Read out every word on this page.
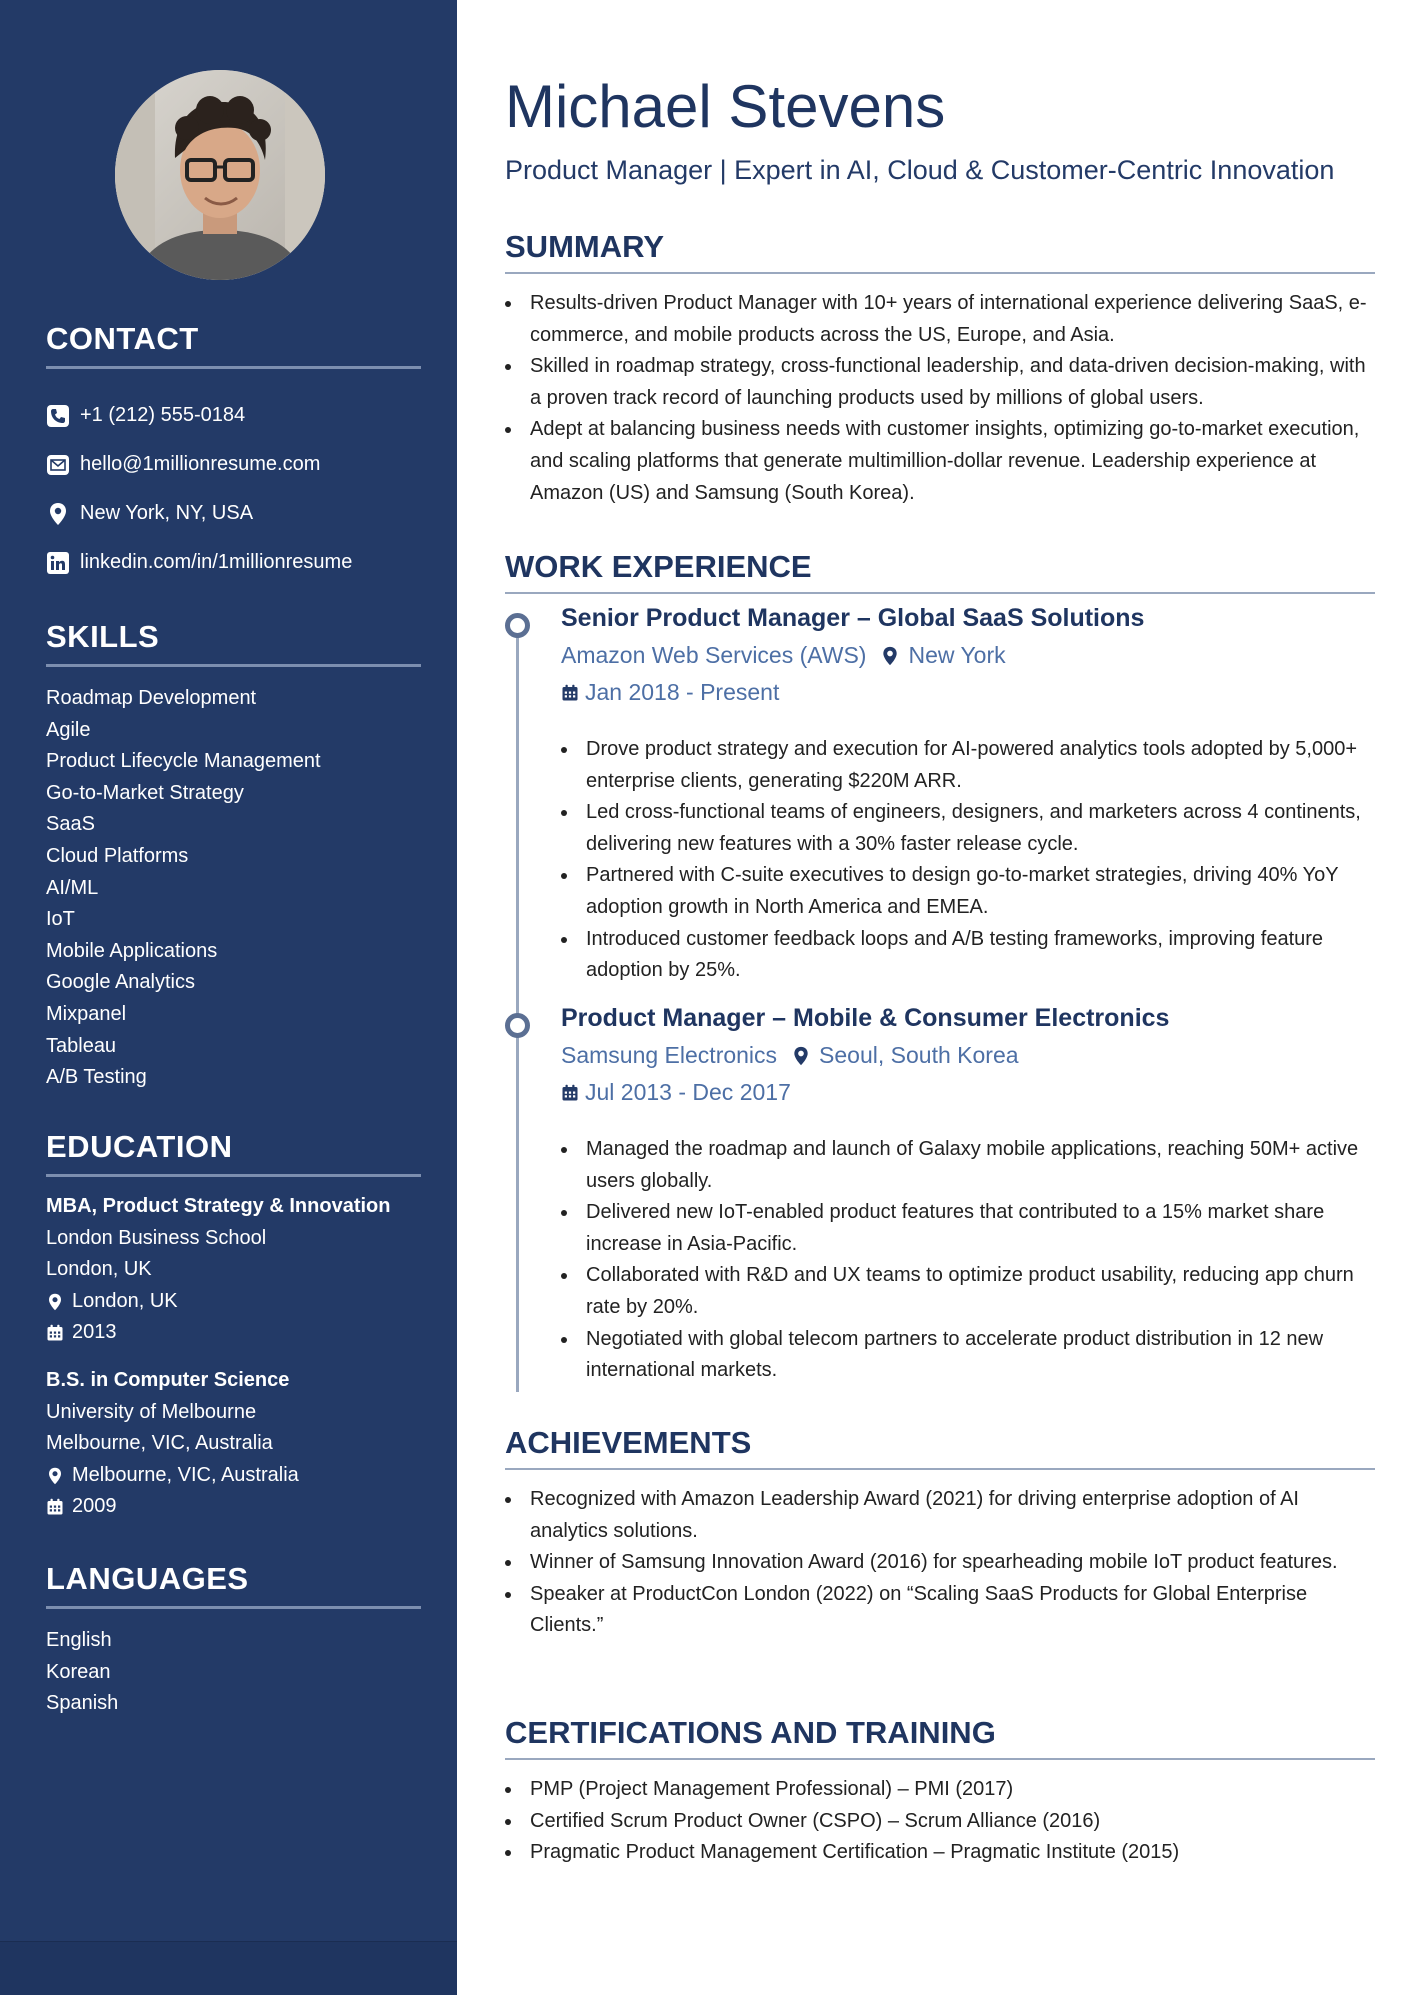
CONTACT
+1 (212) 555-0184
hello@1millionresume.com
New York, NY, USA
linkedin.com/in/1millionresume
SKILLS
Roadmap Development
Agile
Product Lifecycle Management
Go-to-Market Strategy
SaaS
Cloud Platforms
AI/ML
IoT
Mobile Applications
Google Analytics
Mixpanel
Tableau
A/B Testing
EDUCATION
MBA, Product Strategy & Innovation
London Business School
London, UK
London, UK
2013
B.S. in Computer Science
University of Melbourne
Melbourne, VIC, Australia
Melbourne, VIC, Australia
2009
LANGUAGES
English
Korean
Spanish
Michael Stevens
Product Manager | Expert in AI, Cloud & Customer-Centric Innovation
SUMMARY
Results-driven Product Manager with 10+ years of international experience delivering SaaS, e-commerce, and mobile products across the US, Europe, and Asia.
Skilled in roadmap strategy, cross-functional leadership, and data-driven decision-making, with a proven track record of launching products used by millions of global users.
Adept at balancing business needs with customer insights, optimizing go-to-market execution, and scaling platforms that generate multimillion-dollar revenue. Leadership experience at Amazon (US) and Samsung (South Korea).
WORK EXPERIENCE
Senior Product Manager – Global SaaS Solutions
Amazon Web Services (AWS) New York
Jan 2018 - Present
Drove product strategy and execution for AI-powered analytics tools adopted by 5,000+ enterprise clients, generating $220M ARR.
Led cross-functional teams of engineers, designers, and marketers across 4 continents, delivering new features with a 30% faster release cycle.
Partnered with C-suite executives to design go-to-market strategies, driving 40% YoY adoption growth in North America and EMEA.
Introduced customer feedback loops and A/B testing frameworks, improving feature adoption by 25%.
Product Manager – Mobile & Consumer Electronics
Samsung Electronics Seoul, South Korea
Jul 2013 - Dec 2017
Managed the roadmap and launch of Galaxy mobile applications, reaching 50M+ active users globally.
Delivered new IoT-enabled product features that contributed to a 15% market share increase in Asia-Pacific.
Collaborated with R&D and UX teams to optimize product usability, reducing app churn rate by 20%.
Negotiated with global telecom partners to accelerate product distribution in 12 new international markets.
ACHIEVEMENTS
Recognized with Amazon Leadership Award (2021) for driving enterprise adoption of AI analytics solutions.
Winner of Samsung Innovation Award (2016) for spearheading mobile IoT product features.
Speaker at ProductCon London (2022) on “Scaling SaaS Products for Global Enterprise Clients.”
CERTIFICATIONS AND TRAINING
PMP (Project Management Professional) – PMI (2017)
Certified Scrum Product Owner (CSPO) – Scrum Alliance (2016)
Pragmatic Product Management Certification – Pragmatic Institute (2015)
